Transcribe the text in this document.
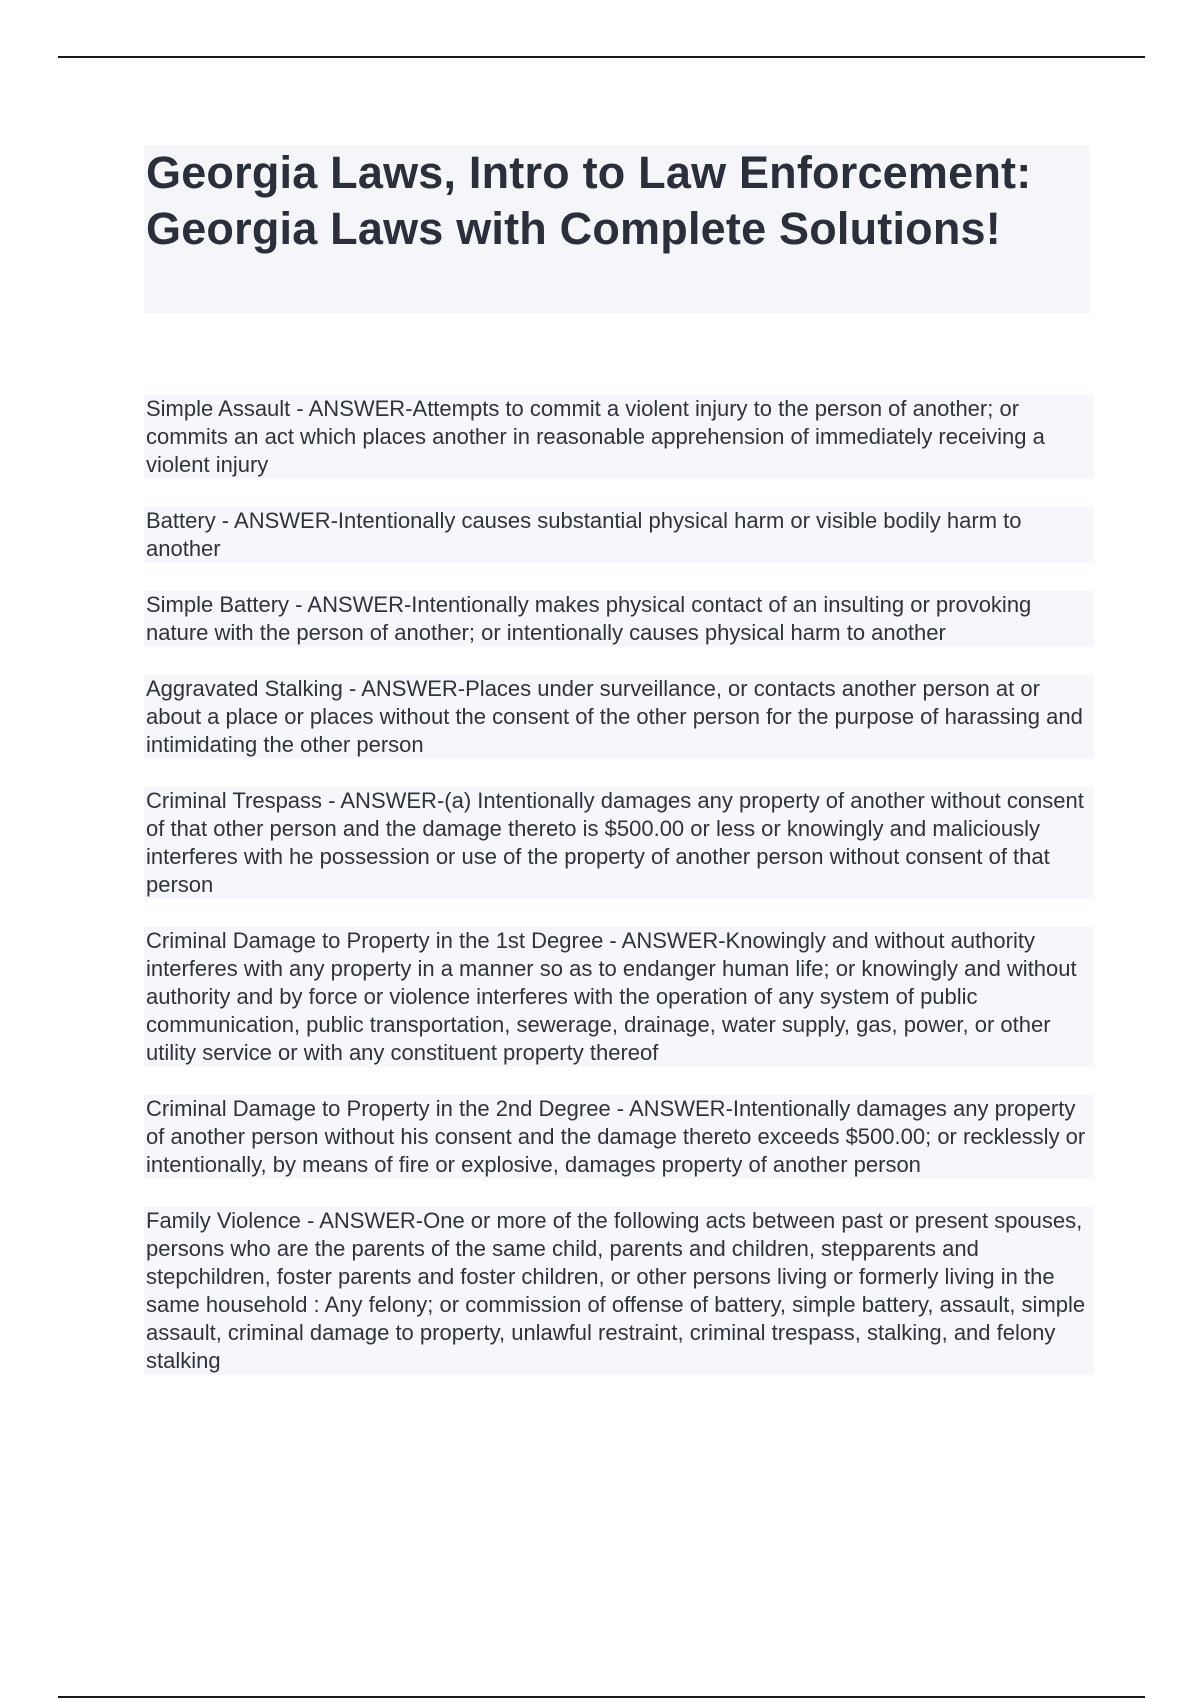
Georgia Laws, Intro to Law Enforcement: Georgia Laws with Complete Solutions!

Simple Assault - ANSWER-Attempts to commit a violent injury to the person of another; or commits an act which places another in reasonable apprehension of immediately receiving a violent injury

Battery - ANSWER-Intentionally causes substantial physical harm or visible bodily harm to another

Simple Battery - ANSWER-Intentionally makes physical contact of an insulting or provoking nature with the person of another; or intentionally causes physical harm to another

Aggravated Stalking - ANSWER-Places under surveillance, or contacts another person at or about a place or places without the consent of the other person for the purpose of harassing and intimidating the other person

Criminal Trespass - ANSWER-(a) Intentionally damages any property of another without consent of that other person and the damage thereto is $500.00 or less or knowingly and maliciously interferes with he possession or use of the property of another person without consent of that person

Criminal Damage to Property in the 1st Degree - ANSWER-Knowingly and without authority interferes with any property in a manner so as to endanger human life; or knowingly and without authority and by force or violence interferes with the operation of any system of public communication, public transportation, sewerage, drainage, water supply, gas, power, or other utility service or with any constituent property thereof

Criminal Damage to Property in the 2nd Degree - ANSWER-Intentionally damages any property of another person without his consent and the damage thereto exceeds $500.00; or recklessly or intentionally, by means of fire or explosive, damages property of another person

Family Violence - ANSWER-One or more of the following acts between past or present spouses, persons who are the parents of the same child, parents and children, stepparents and stepchildren, foster parents and foster children, or other persons living or formerly living in the same household : Any felony; or commission of offense of battery, simple battery, assault, simple assault, criminal damage to property, unlawful restraint, criminal trespass, stalking, and felony stalking
